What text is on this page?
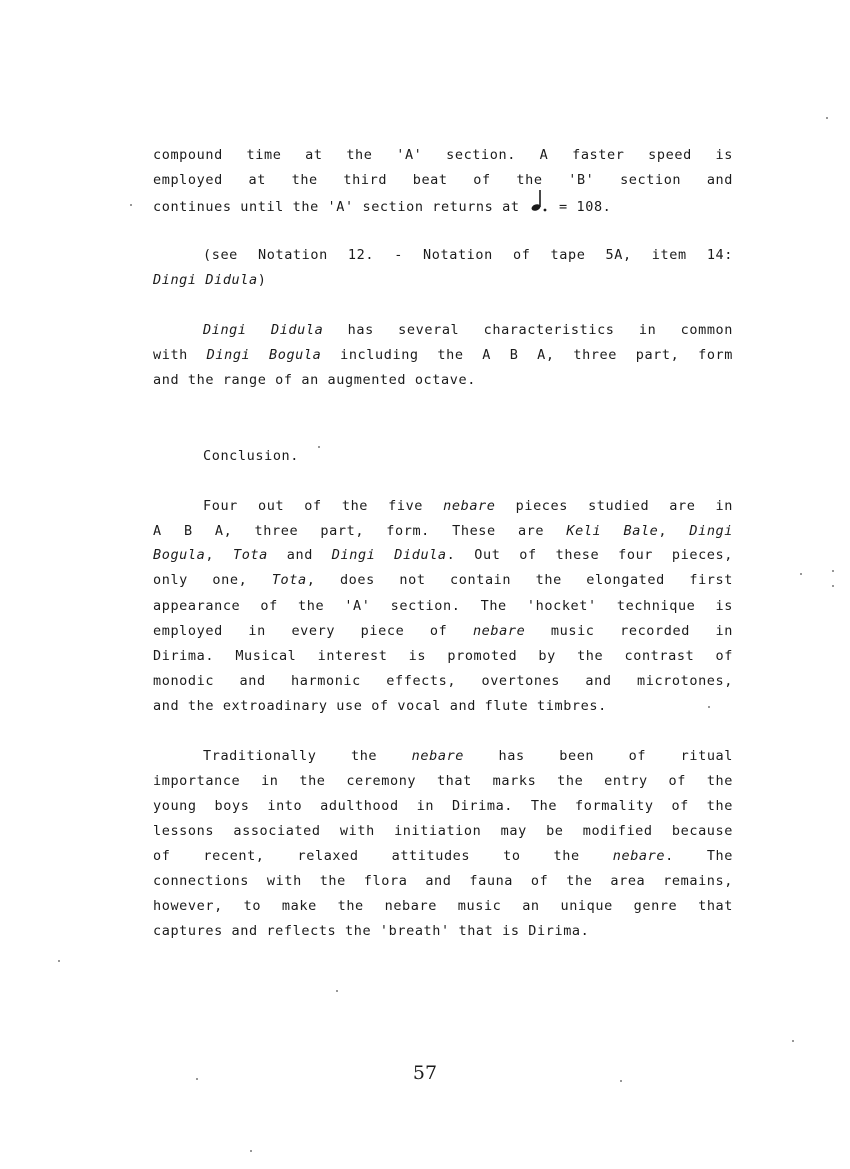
compound time at the 'A' section. A faster speed is
employed at the third beat of the 'B' section and
continues until the 'A' section returns at	= 108.
(see Notation 12. - Notation of tape 5A, item 14:
Dingi Didula)
Dingi Didula has several characteristics in common
with Dingi Bogula including the A B A, three part, form
and the range of an augmented octave.
Conclusion.
Four out of the five nebare pieces studied are in
A B A, three part, form. These are Keli Bale, Dingi
Bogula, Tota and Dingi Didula. Out of these four pieces,
only one, Tota, does not contain the elongated first
appearance of the 'A' section. The 'hocket' technique is
employed in every piece of nebare music recorded in
Dirima. Musical interest is promoted by the contrast of
monodic and harmonic effects, overtones and microtones,
and the extroadinary use of vocal and flute timbres.
Traditionally the nebare has been of ritual
importance in the ceremony that marks the entry of the
young boys into adulthood in Dirima. The formality of the
lessons associated with initiation may be modified because
of recent, relaxed attitudes to the nebare. The
connections with the flora and fauna of the area remains,
however, to make the nebare music an unique genre that
captures and reflects the 'breath' that is Dirima.
57
